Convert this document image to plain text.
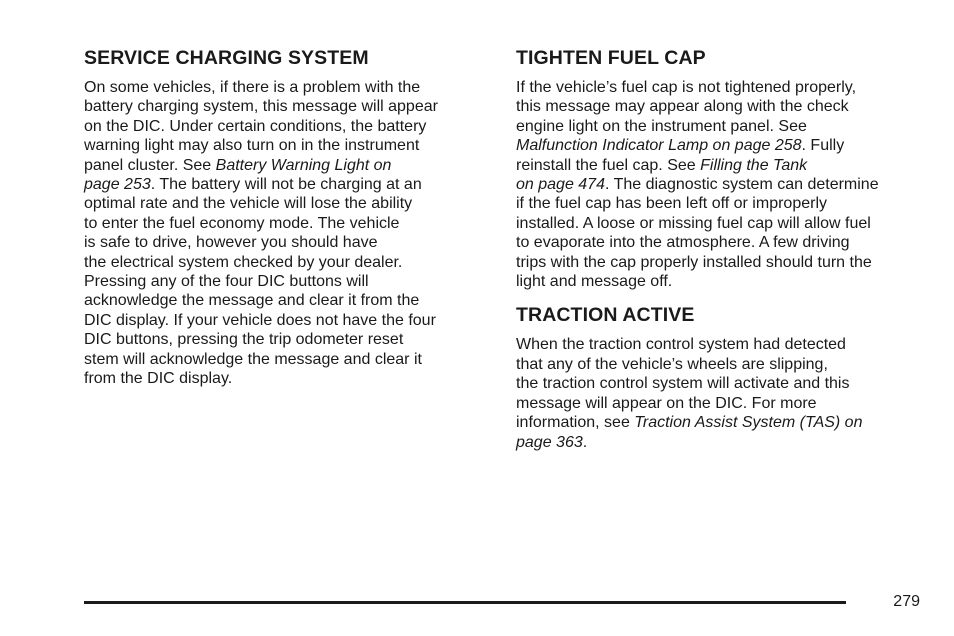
SERVICE CHARGING SYSTEM

On some vehicles, if there is a problem with the
battery charging system, this message will appear
on the DIC. Under certain conditions, the battery
warning light may also turn on in the instrument
panel cluster. See Battery Warning Light on
page 253. The battery will not be charging at an
optimal rate and the vehicle will lose the ability
to enter the fuel economy mode. The vehicle
is safe to drive, however you should have
the electrical system checked by your dealer.
Pressing any of the four DIC buttons will
acknowledge the message and clear it from the
DIC display. If your vehicle does not have the four
DIC buttons, pressing the trip odometer reset
stem will acknowledge the message and clear it
from the DIC display.

TIGHTEN FUEL CAP

If the vehicle’s fuel cap is not tightened properly,
this message may appear along with the check
engine light on the instrument panel. See
Malfunction Indicator Lamp on page 258. Fully
reinstall the fuel cap. See Filling the Tank
on page 474. The diagnostic system can determine
if the fuel cap has been left off or improperly
installed. A loose or missing fuel cap will allow fuel
to evaporate into the atmosphere. A few driving
trips with the cap properly installed should turn the
light and message off.

TRACTION ACTIVE

When the traction control system had detected
that any of the vehicle’s wheels are slipping,
the traction control system will activate and this
message will appear on the DIC. For more
information, see Traction Assist System (TAS) on
page 363.

279
